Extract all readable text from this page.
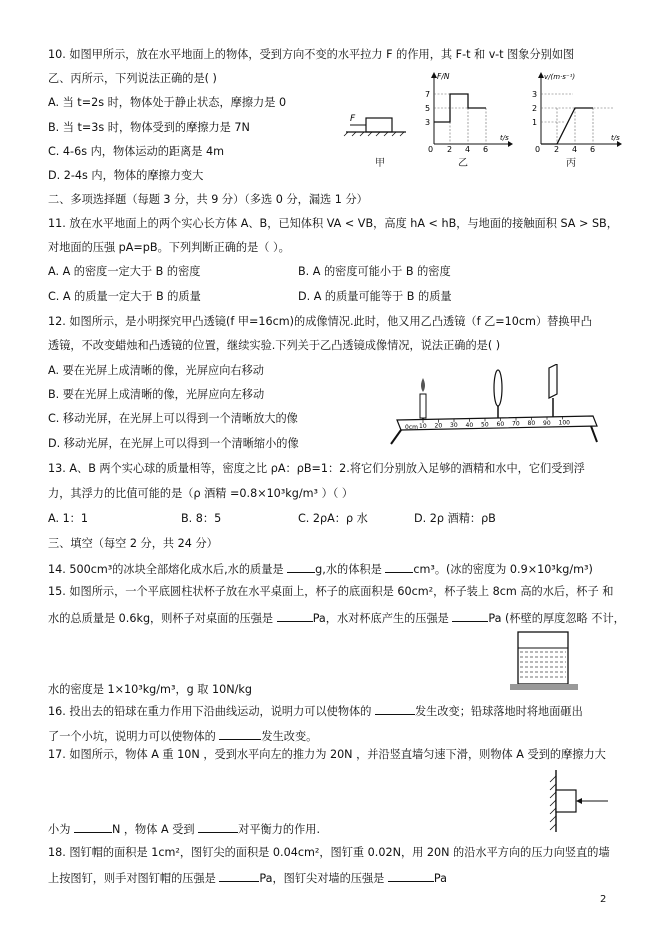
10. 如图甲所示，放在水平地面上的物体，受到方向不变的水平拉力 F 的作用，其 F-t 和 v-t 图象分别如图
乙、丙所示，下列说法正确的是( )
A. 当 t=2s 时，物体处于静止状态，摩擦力是 0
B. 当 t=3s 时，物体受到的摩擦力是 7N
C. 4-6s 内，物体运动的距离是 4m
D. 2-4s 内，物体的摩擦力变大
F
甲
F/N
t/s
7
5
3
0 2 4 6
乙
v/(m·s⁻¹)
t/s
3
2
1
0 2 4 6
丙
二、多项选择题（每题 3 分，共 9 分）（多选 0 分，漏选 1 分）
11. 放在水平地面上的两个实心长方体 A、B，已知体积 VA < VB，高度 hA < hB，与地面的接触面积 SA > SB，
对地面的压强 pA=pB。下列判断正确的是（ ）。
A. A 的密度一定大于 B 的密度	B. A 的密度可能小于 B 的密度
C. A 的质量一定大于 B 的质量	D. A 的质量可能等于 B 的质量
12. 如图所示，是小明探究甲凸透镜(f 甲=16cm)的成像情况.此时，他又用乙凸透镜（f 乙=10cm）替换甲凸
透镜，不改变蜡烛和凸透镜的位置，继续实验.下列关于乙凸透镜成像情况，说法正确的是( )
A. 要在光屏上成清晰的像，光屏应向右移动
B. 要在光屏上成清晰的像，光屏应向左移动
C. 移动光屏，在光屏上可以得到一个清晰放大的像
D. 移动光屏，在光屏上可以得到一个清晰缩小的像
0cm 10 20 30 40 50 60 70 80 90 100
13. A、B 两个实心球的质量相等，密度之比 ρA：ρB=1：2.将它们分别放入足够的酒精和水中，它们受到浮
力，其浮力的比值可能的是（ρ 酒精 =0.8×10³kg/m³ ）（ ）
A. 1：1	B. 8：5	C. 2ρA：ρ 水	D. 2ρ 酒精：ρB
三、填空（每空 2 分，共 24 分）
14. 500cm³的冰块全部熔化成水后,水的质量是	g,水的体积是	cm³。(冰的密度为 0.9×10³kg/m³)
15. 如图所示，一个平底圆柱状杯子放在水平桌面上，杯子的底面积是 60cm²，杯子装上 8cm 高的水后，杯子 和
水的总质量是 0.6kg，则杯子对桌面的压强是	Pa，水对杯底产生的压强是	Pa (杯壁的厚度忽略 不计，
水的密度是 1×10³kg/m³，g 取 10N/kg
16. 投出去的铅球在重力作用下沿曲线运动，说明力可以使物体的	发生改变；铅球落地时将地面砸出
了一个小坑，说明力可以使物体的	发生改变。
17. 如图所示，物体 A 重 10N ，受到水平向左的推力为 20N ，并沿竖直墙匀速下滑，则物体 A 受到的摩擦力大
小为	N ，物体 A 受到	对平衡力的作用.
18. 图钉帽的面积是 1cm²，图钉尖的面积是 0.04cm²，图钉重 0.02N，用 20N 的沿水平方向的压力向竖直的墙
上按图钉，则手对图钉帽的压强是	Pa，图钉尖对墙的压强是	Pa
2
